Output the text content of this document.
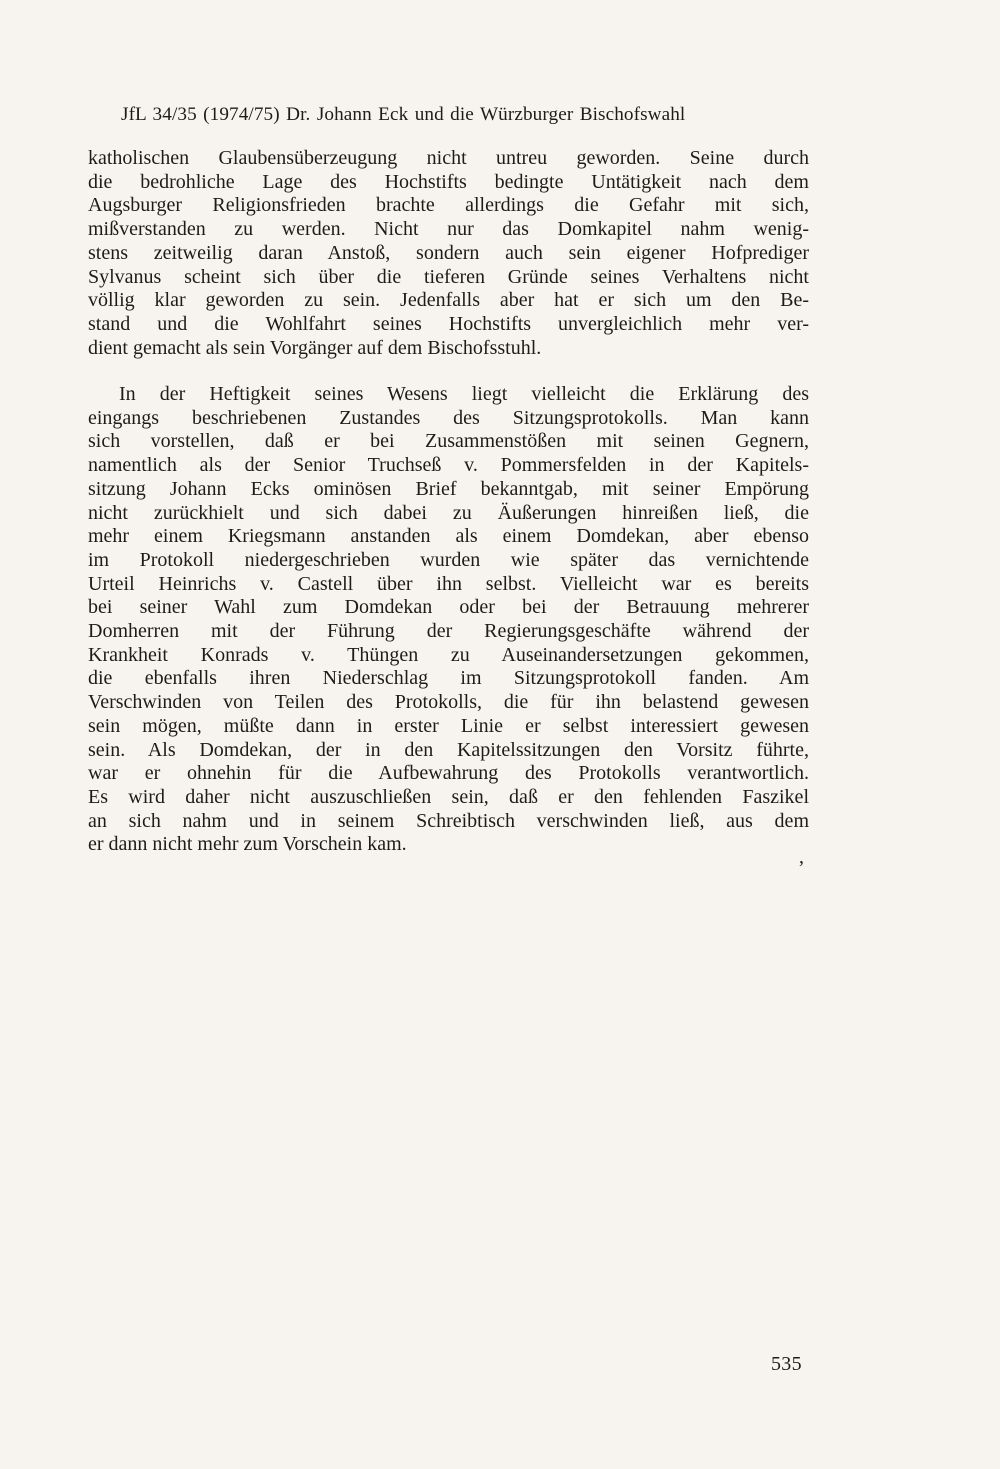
JfL 34/35 (1974/75) Dr. Johann Eck und die Würzburger Bischofswahl
katholischen Glaubensüberzeugung nicht untreu geworden. Seine durch
die bedrohliche Lage des Hochstifts bedingte Untätigkeit nach dem
Augsburger Religionsfrieden brachte allerdings die Gefahr mit sich,
mißverstanden zu werden. Nicht nur das Domkapitel nahm wenig-
stens zeitweilig daran Anstoß, sondern auch sein eigener Hofprediger
Sylvanus scheint sich über die tieferen Gründe seines Verhaltens nicht
völlig klar geworden zu sein. Jedenfalls aber hat er sich um den Be-
stand und die Wohlfahrt seines Hochstifts unvergleichlich mehr ver-
dient gemacht als sein Vorgänger auf dem Bischofsstuhl.
In der Heftigkeit seines Wesens liegt vielleicht die Erklärung des
eingangs beschriebenen Zustandes des Sitzungsprotokolls. Man kann
sich vorstellen, daß er bei Zusammenstößen mit seinen Gegnern,
namentlich als der Senior Truchseß v. Pommersfelden in der Kapitels-
sitzung Johann Ecks ominösen Brief bekanntgab, mit seiner Empörung
nicht zurückhielt und sich dabei zu Äußerungen hinreißen ließ, die
mehr einem Kriegsmann anstanden als einem Domdekan, aber ebenso
im Protokoll niedergeschrieben wurden wie später das vernichtende
Urteil Heinrichs v. Castell über ihn selbst. Vielleicht war es bereits
bei seiner Wahl zum Domdekan oder bei der Betrauung mehrerer
Domherren mit der Führung der Regierungsgeschäfte während der
Krankheit Konrads v. Thüngen zu Auseinandersetzungen gekommen,
die ebenfalls ihren Niederschlag im Sitzungsprotokoll fanden. Am
Verschwinden von Teilen des Protokolls, die für ihn belastend gewesen
sein mögen, müßte dann in erster Linie er selbst interessiert gewesen
sein. Als Domdekan, der in den Kapitelssitzungen den Vorsitz führte,
war er ohnehin für die Aufbewahrung des Protokolls verantwortlich.
Es wird daher nicht auszuschließen sein, daß er den fehlenden Faszikel
an sich nahm und in seinem Schreibtisch verschwinden ließ, aus dem
er dann nicht mehr zum Vorschein kam.
,
535
